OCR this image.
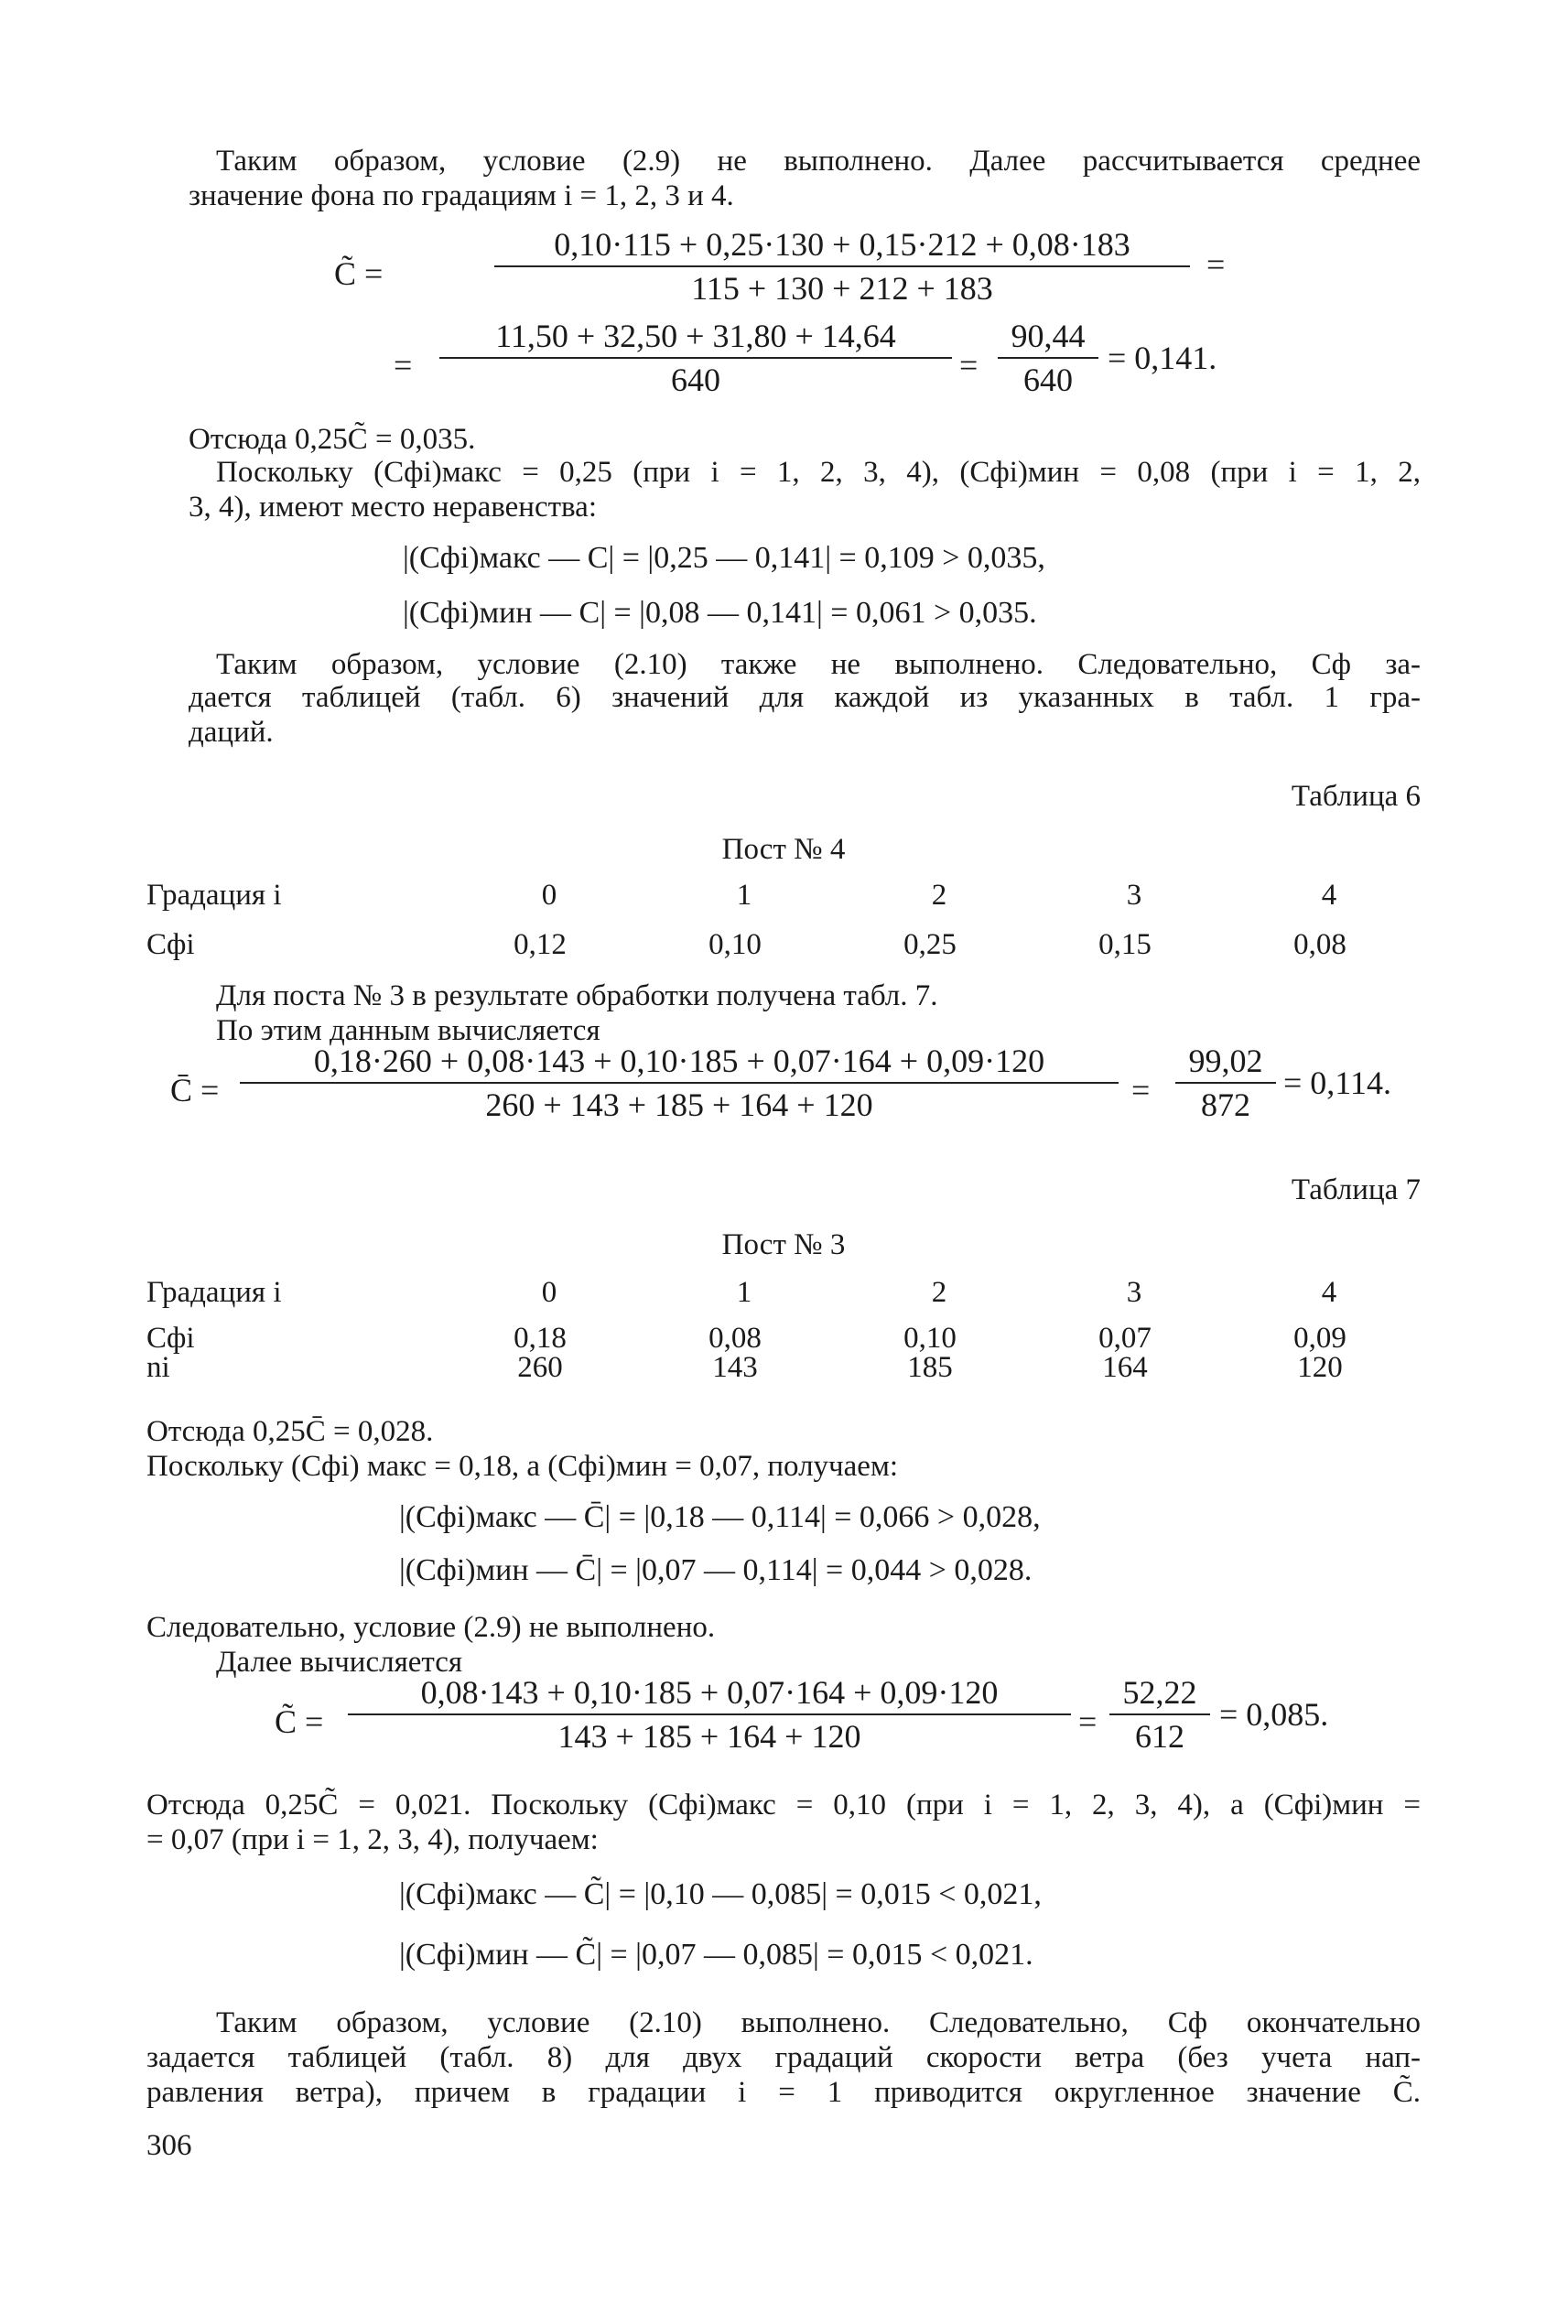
Таким образом, условие (2.9) не выполнено. Далее рассчитывается среднее
значение фона по градациям i = 1, 2, 3 и 4.
C̃ =
0,10·115 + 0,25·130 + 0,15·212 + 0,08·183
115 + 130 + 212 + 183
=
=
11,50 + 32,50 + 31,80 + 14,64
640	=
90,44
640
= 0,141.
Отсюда 0,25C̃ = 0,035.
Поскольку (Cфi)макс = 0,25 (при i = 1, 2, 3, 4), (Cфi)мин = 0,08 (при i = 1, 2,
3, 4), имеют место неравенства:
|(Cфi)макс — C| = |0,25 — 0,141| = 0,109 > 0,035,
|(Cфi)мин — C| = |0,08 — 0,141| = 0,061 > 0,035.
Таким образом, условие (2.10) также не выполнено. Следовательно, Cф за-
дается таблицей (табл. 6) значений для каждой из указанных в табл. 1 гра-
даций.
Таблица 6
Пост № 4
Градация i	0	1	2	3	4
Cфi	0,12	0,10	0,25	0,15	0,08
Для поста № 3 в результате обработки получена табл. 7.
По этим данным вычисляется
C̄ =
0,18·260 + 0,08·143 + 0,10·185 + 0,07·164 + 0,09·120
260 + 143 + 185 + 164 + 120	=
99,02
872
= 0,114.
Таблица 7
Пост № 3
Градация i	0	1	2	3	4
Cфi	0,18	0,08	0,10	0,07	0,09
ni	260	143	185	164	120
Отсюда 0,25C̄ = 0,028.
Поскольку (Cфi) макс = 0,18, а (Cфi)мин = 0,07, получаем:
|(Cфi)макс — C̄| = |0,18 — 0,114| = 0,066 > 0,028,
|(Cфi)мин — C̄| = |0,07 — 0,114| = 0,044 > 0,028.
Следовательно, условие (2.9) не выполнено.
Далее вычисляется
C̃ =
0,08·143 + 0,10·185 + 0,07·164 + 0,09·120
143 + 185 + 164 + 120	=
52,22
612
= 0,085.
Отсюда 0,25C̃ = 0,021. Поскольку (Cфi)макс = 0,10 (при i = 1, 2, 3, 4), а (Cфi)мин =
= 0,07 (при i = 1, 2, 3, 4), получаем:
|(Cфi)макс — C̃| = |0,10 — 0,085| = 0,015 < 0,021,
|(Cфi)мин — C̃| = |0,07 — 0,085| = 0,015 < 0,021.
Таким образом, условие (2.10) выполнено. Следовательно, Cф окончательно
задается таблицей (табл. 8) для двух градаций скорости ветра (без учета нап-
равления ветра), причем в градации i = 1 приводится округленное значение C̃.
306
